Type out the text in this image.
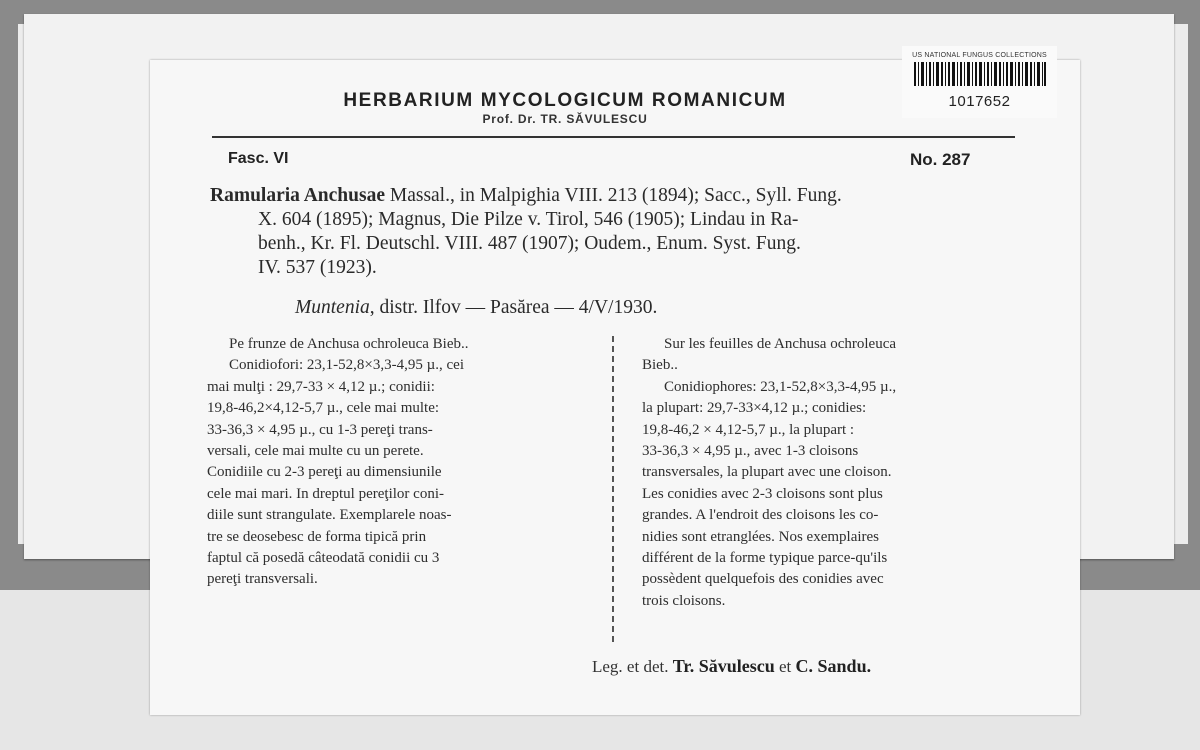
US NATIONAL FUNGUS COLLECTIONS
1017652
HERBARIUM MYCOLOGICUM ROMANICUM
Prof. Dr. TR. SĂVULESCU
Fasc. VI	No. 287
Ramularia Anchusae Massal., in Malpighia VIII. 213 (1894); Sacc., Syll. Fung.
X. 604 (1895); Magnus, Die Pilze v. Tirol, 546 (1905); Lindau in Ra-
benh., Kr. Fl. Deutschl. VIII. 487 (1907); Oudem., Enum. Syst. Fung.
IV. 537 (1923).
Muntenia, distr. Ilfov — Pasărea — 4/V/1930.
Pe frunze de Anchusa ochroleuca Bieb..
Conidiofori: 23,1-52,8×3,3-4,95 µ., cei
mai mulţi : 29,7-33 × 4,12 µ.; conidii:
19,8-46,2×4,12-5,7 µ., cele mai multe:
33-36,3 × 4,95 µ., cu 1-3 pereţi trans-
versali, cele mai multe cu un perete.
Conidiile cu 2-3 pereţi au dimensiunile
cele mai mari. In dreptul pereţilor coni-
diile sunt strangulate. Exemplarele noas-
tre se deosebesc de forma tipică prin
faptul că posedă câteodată conidii cu 3
pereţi transversali.
Sur les feuilles de Anchusa ochroleuca
Bieb..
Conidiophores: 23,1-52,8×3,3-4,95 µ.,
la plupart: 29,7-33×4,12 µ.; conidies:
19,8-46,2 × 4,12-5,7 µ., la plupart :
33-36,3 × 4,95 µ., avec 1-3 cloisons
transversales, la plupart avec une cloison.
Les conidies avec 2-3 cloisons sont plus
grandes. A l'endroit des cloisons les co-
nidies sont etranglées. Nos exemplaires
différent de la forme typique parce-qu'ils
possèdent quelquefois des conidies avec
trois cloisons.
Leg. et det. Tr. Săvulescu et C. Sandu.
